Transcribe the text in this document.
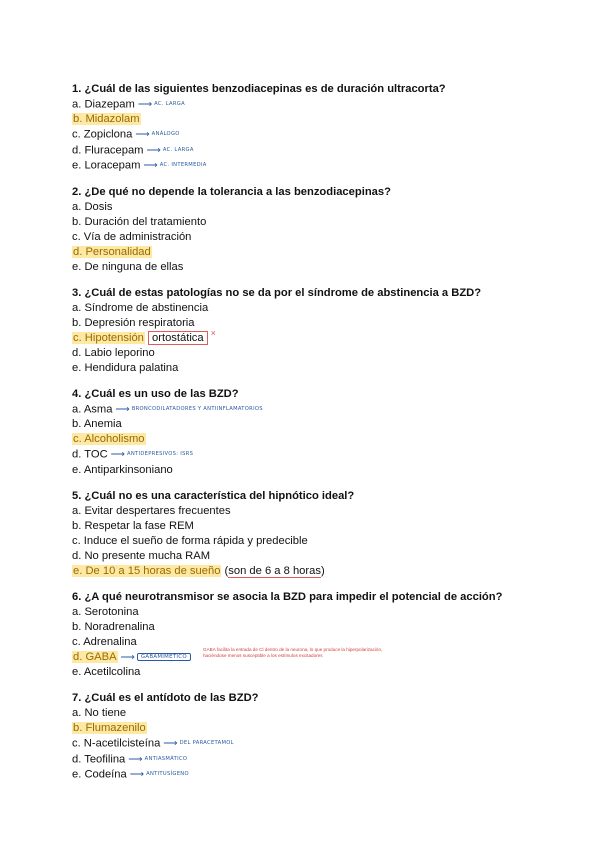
1. ¿Cuál de las siguientes benzodiacepinas es de duración ultracorta?
a. Diazepam ⟶ AC. LARGA
b. Midazolam
c. Zopiclona ⟶ ANÁLOGO
d. Fluracepam ⟶ AC. LARGA
e. Loracepam ⟶ AC. INTERMEDIA
2. ¿De qué no depende la tolerancia a las benzodiacepinas?
a. Dosis
b. Duración del tratamiento
c. Vía de administración
d. Personalidad
e. De ninguna de ellas
3. ¿Cuál de estas patologías no se da por el síndrome de abstinencia a BZD?
a. Síndrome de abstinencia
b. Depresión respiratoria
c. Hipotensión ortostática ×
d. Labio leporino
e. Hendidura palatina
4. ¿Cuál es un uso de las BZD?
a. Asma ⟶ BRONCODILATADORES Y ANTIINFLAMATORIOS
b. Anemia
c. Alcoholismo
d. TOC ⟶ ANTIDEPRESIVOS: ISRS
e. Antiparkinsoniano
5. ¿Cuál no es una característica del hipnótico ideal?
a. Evitar despertares frecuentes
b. Respetar la fase REM
c. Induce el sueño de forma rápida y predecible
d. No presente mucha RAM
e. De 10 a 15 horas de sueño (son de 6 a 8 horas)
6. ¿A qué neurotransmisor se asocia la BZD para impedir el potencial de acción?
a. Serotonina
b. Noradrenalina
c. Adrenalina
d. GABA ⟶ GABAMIMÉTICO
GABA facilita la entrada de Cl dentro de la neurona, lo que produce la hiperpolarización, haciéndose menos susceptible a los estímulos excitadores
e. Acetilcolina
7. ¿Cuál es el antídoto de las BZD?
a. No tiene
b. Flumazenilo
c. N-acetilcisteína ⟶ DEL PARACETAMOL
d. Teofilina ⟶ ANTIASMÁTICO
e. Codeína ⟶ ANTITUSÍGENO
